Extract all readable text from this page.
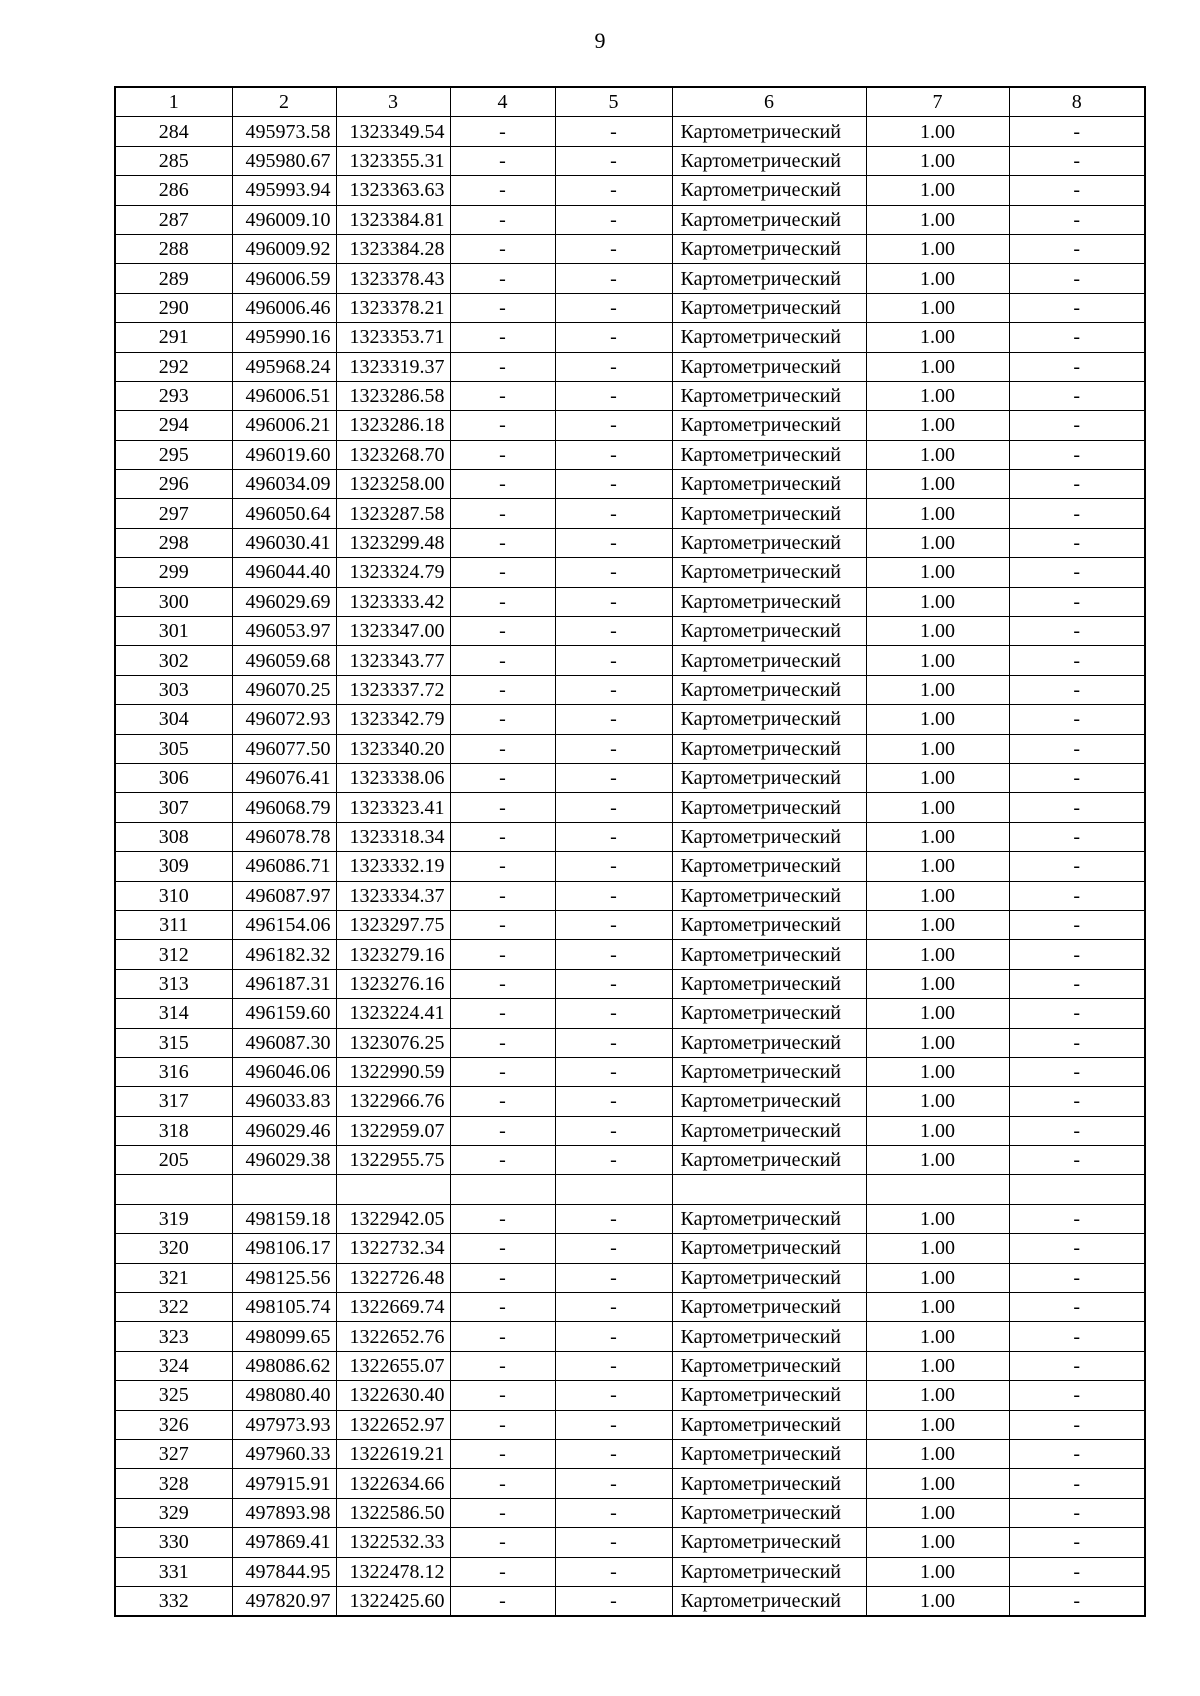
9
1	2	3	4	5	6	7	8
284	495973.58	1323349.54	-	-	Картометрический	1.00	-
285	495980.67	1323355.31	-	-	Картометрический	1.00	-
286	495993.94	1323363.63	-	-	Картометрический	1.00	-
287	496009.10	1323384.81	-	-	Картометрический	1.00	-
288	496009.92	1323384.28	-	-	Картометрический	1.00	-
289	496006.59	1323378.43	-	-	Картометрический	1.00	-
290	496006.46	1323378.21	-	-	Картометрический	1.00	-
291	495990.16	1323353.71	-	-	Картометрический	1.00	-
292	495968.24	1323319.37	-	-	Картометрический	1.00	-
293	496006.51	1323286.58	-	-	Картометрический	1.00	-
294	496006.21	1323286.18	-	-	Картометрический	1.00	-
295	496019.60	1323268.70	-	-	Картометрический	1.00	-
296	496034.09	1323258.00	-	-	Картометрический	1.00	-
297	496050.64	1323287.58	-	-	Картометрический	1.00	-
298	496030.41	1323299.48	-	-	Картометрический	1.00	-
299	496044.40	1323324.79	-	-	Картометрический	1.00	-
300	496029.69	1323333.42	-	-	Картометрический	1.00	-
301	496053.97	1323347.00	-	-	Картометрический	1.00	-
302	496059.68	1323343.77	-	-	Картометрический	1.00	-
303	496070.25	1323337.72	-	-	Картометрический	1.00	-
304	496072.93	1323342.79	-	-	Картометрический	1.00	-
305	496077.50	1323340.20	-	-	Картометрический	1.00	-
306	496076.41	1323338.06	-	-	Картометрический	1.00	-
307	496068.79	1323323.41	-	-	Картометрический	1.00	-
308	496078.78	1323318.34	-	-	Картометрический	1.00	-
309	496086.71	1323332.19	-	-	Картометрический	1.00	-
310	496087.97	1323334.37	-	-	Картометрический	1.00	-
311	496154.06	1323297.75	-	-	Картометрический	1.00	-
312	496182.32	1323279.16	-	-	Картометрический	1.00	-
313	496187.31	1323276.16	-	-	Картометрический	1.00	-
314	496159.60	1323224.41	-	-	Картометрический	1.00	-
315	496087.30	1323076.25	-	-	Картометрический	1.00	-
316	496046.06	1322990.59	-	-	Картометрический	1.00	-
317	496033.83	1322966.76	-	-	Картометрический	1.00	-
318	496029.46	1322959.07	-	-	Картометрический	1.00	-
205	496029.38	1322955.75	-	-	Картометрический	1.00	-

319	498159.18	1322942.05	-	-	Картометрический	1.00	-
320	498106.17	1322732.34	-	-	Картометрический	1.00	-
321	498125.56	1322726.48	-	-	Картометрический	1.00	-
322	498105.74	1322669.74	-	-	Картометрический	1.00	-
323	498099.65	1322652.76	-	-	Картометрический	1.00	-
324	498086.62	1322655.07	-	-	Картометрический	1.00	-
325	498080.40	1322630.40	-	-	Картометрический	1.00	-
326	497973.93	1322652.97	-	-	Картометрический	1.00	-
327	497960.33	1322619.21	-	-	Картометрический	1.00	-
328	497915.91	1322634.66	-	-	Картометрический	1.00	-
329	497893.98	1322586.50	-	-	Картометрический	1.00	-
330	497869.41	1322532.33	-	-	Картометрический	1.00	-
331	497844.95	1322478.12	-	-	Картометрический	1.00	-
332	497820.97	1322425.60	-	-	Картометрический	1.00	-
